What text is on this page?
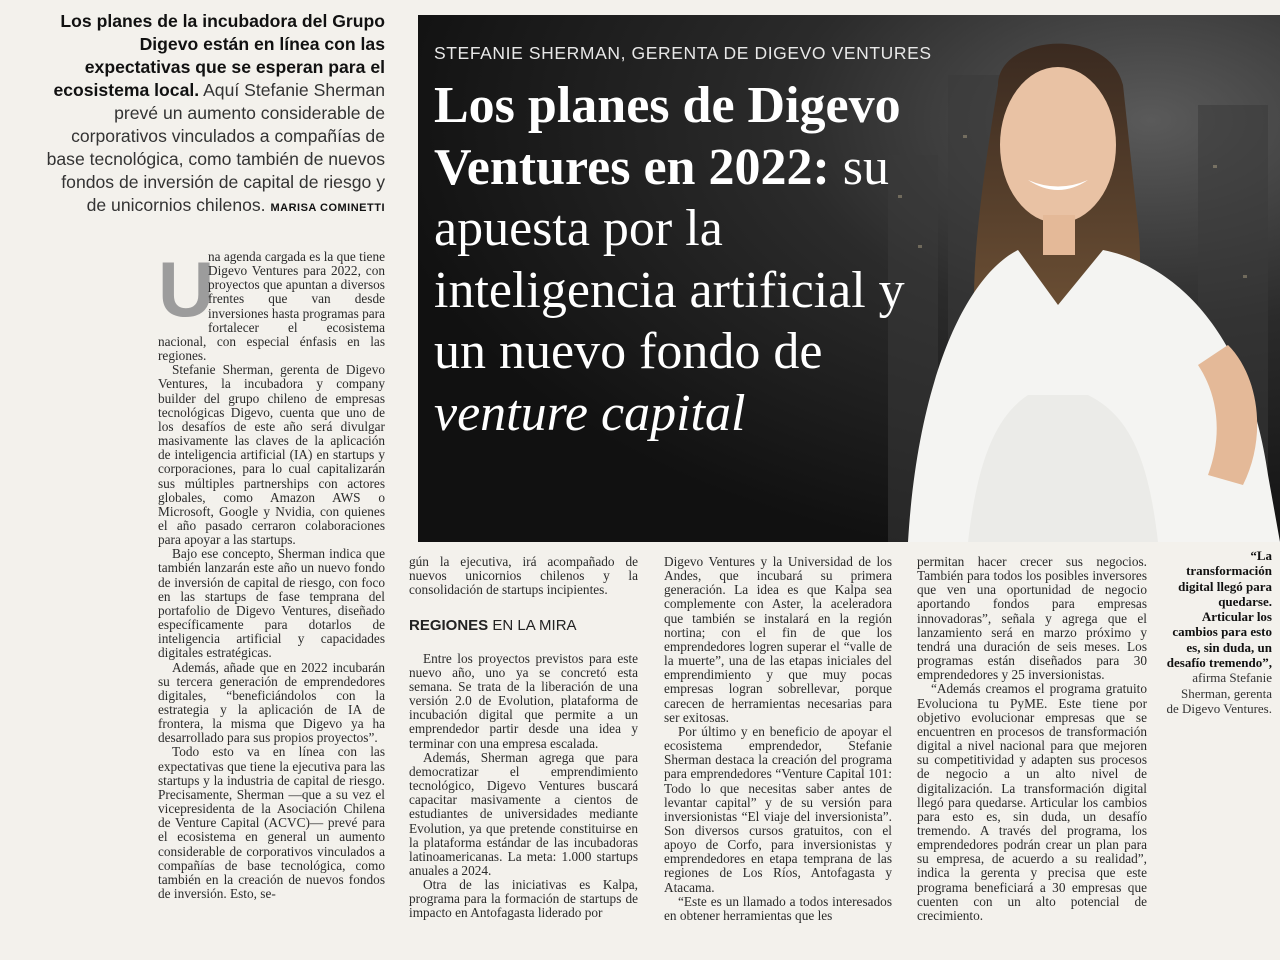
Los planes de la incubadora del Grupo Digevo están en línea con las expectativas que se esperan para el ecosistema local. Aquí Stefanie Sherman prevé un aumento considerable de corporativos vinculados a compañías de base tecnológica, como también de nuevos fondos de inversión de capital de riesgo y de unicornios chilenos. MARISA COMINETTI
STEFANIE SHERMAN, GERENTA DE DIGEVO VENTURES
Los planes de Digevo Ventures en 2022: su apuesta por la inteligencia artificial y un nuevo fondo de venture capital
U

na agenda cargada es la que tiene Digevo Ventures para 2022, con proyectos que apuntan a diversos frentes que van desde inversiones hasta programas para fortalecer el ecosistema nacional, con especial énfasis en las regiones.

Stefanie Sherman, gerenta de Digevo Ventures, la incubadora y company builder del grupo chileno de empresas tecnológicas Digevo, cuenta que uno de los desafíos de este año será divulgar masivamente las claves de la aplicación de inteligencia artificial (IA) en startups y corporaciones, para lo cual capitalizarán sus múltiples partnerships con actores globales, como Amazon AWS o Microsoft, Google y Nvidia, con quienes el año pasado cerraron colaboraciones para apoyar a las startups.

Bajo ese concepto, Sherman indica que también lanzarán este año un nuevo fondo de inversión de capital de riesgo, con foco en las startups de fase temprana del portafolio de Digevo Ventures, diseñado específicamente para dotarlos de inteligencia artificial y capacidades digitales estratégicas.

Además, añade que en 2022 incubarán su tercera generación de emprendedores digitales, “beneficiándolos con la estrategia y la aplicación de IA de frontera, la misma que Digevo ya ha desarrollado para sus propios proyectos”.

Todo esto va en línea con las expectativas que tiene la ejecutiva para las startups y la industria de capital de riesgo. Precisamente, Sherman —que a su vez el vicepresidenta de la Asociación Chilena de Venture Capital (ACVC)— prevé para el ecosistema en general un aumento considerable de corporativos vinculados a compañías de base tecnológica, como también en la creación de nuevos fondos de inversión. Esto, se-

gún la ejecutiva, irá acompañado de nuevos unicornios chilenos y la consolidación de startups incipientes.

REGIONES EN LA MIRA

Entre los proyectos previstos para este nuevo año, uno ya se concretó esta semana. Se trata de la liberación de una versión 2.0 de Evolution, plataforma de incubación digital que permite a un emprendedor partir desde una idea y terminar con una empresa escalada.

Además, Sherman agrega que para democratizar el emprendimiento tecnológico, Digevo Ventures buscará capacitar masivamente a cientos de estudiantes de universidades mediante Evolution, ya que pretende constituirse en la plataforma estándar de las incubadoras latinoamericanas. La meta: 1.000 startups anuales a 2024.

Otra de las iniciativas es Kalpa, programa para la formación de startups de impacto en Antofagasta liderado por

Digevo Ventures y la Universidad de los Andes, que incubará su primera generación. La idea es que Kalpa sea complemente con Aster, la aceleradora que también se instalará en la región nortina; con el fin de que los emprendedores logren superar el “valle de la muerte”, una de las etapas iniciales del emprendimiento y que muy pocas empresas logran sobrellevar, porque carecen de herramientas necesarias para ser exitosas.

Por último y en beneficio de apoyar el ecosistema emprendedor, Stefanie Sherman destaca la creación del programa para emprendedores “Venture Capital 101: Todo lo que necesitas saber antes de levantar capital” y de su versión para inversionistas “El viaje del inversionista”. Son diversos cursos gratuitos, con el apoyo de Corfo, para inversionistas y emprendedores en etapa temprana de las regiones de Los Ríos, Antofagasta y Atacama.

“Este es un llamado a todos interesados en obtener herramientas que les

permitan hacer crecer sus negocios. También para todos los posibles inversores que ven una oportunidad de negocio aportando fondos para empresas innovadoras”, señala y agrega que el lanzamiento será en marzo próximo y tendrá una duración de seis meses. Los programas están diseñados para 30 emprendedores y 25 inversionistas.

“Además creamos el programa gratuito Evoluciona tu PyME. Este tiene por objetivo evolucionar empresas que se encuentren en procesos de transformación digital a nivel nacional para que mejoren su competitividad y adapten sus procesos de negocio a un alto nivel de digitalización. La transformación digital llegó para quedarse. Articular los cambios para esto es, sin duda, un desafío tremendo. A través del programa, los emprendedores podrán crear un plan para su empresa, de acuerdo a su realidad”, indica la gerenta y precisa que este programa beneficiará a 30 empresas que cuenten con un alto potencial de crecimiento.

“La transformación digital llegó para quedarse. Articular los cambios para esto es, sin duda, un desafío tremendo”, afirma Stefanie Sherman, gerenta de Digevo Ventures.
